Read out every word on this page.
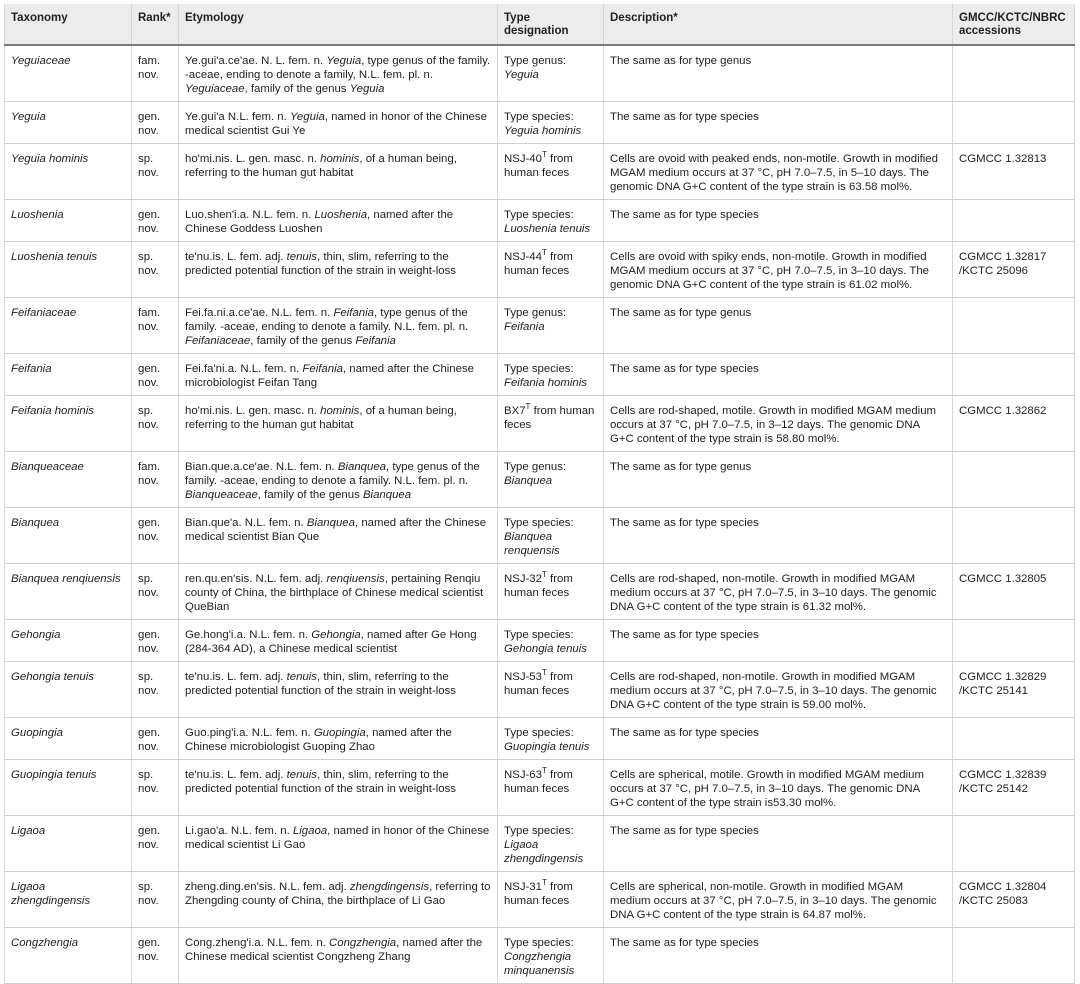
Taxonomy	Rank*	Etymology	Type designation	Description*	GMCC/KCTC/NBRC accessions
Yeguiaceae	fam. nov.	Ye.gui'a.ce'ae. N. L. fem. n. Yeguia, type genus of the family. -aceae, ending to denote a family, N.L. fem. pl. n. Yeguiaceae, family of the genus Yeguia	Type genus: Yeguia	The same as for type genus	
Yeguia	gen. nov.	Ye.gui'a N.L. fem. n. Yeguia, named in honor of the Chinese medical scientist Gui Ye	Type species: Yeguia hominis	The same as for type species	
Yeguia hominis	sp. nov.	ho'mi.nis. L. gen. masc. n. hominis, of a human being, referring to the human gut habitat	NSJ-$40^T$ from human feces	Cells are ovoid with peaked ends, non-motile. Growth in modified MGAM medium occurs at 37 °C, pH 7.0–7.5, in 5–10 days. The genomic DNA G+C content of the type strain is 63.58 mol%.	CGMCC 1.32813
Luoshenia	gen. nov.	Luo.shen'i.a. N.L. fem. n. Luoshenia, named after the Chinese Goddess Luoshen	Type species: Luoshenia tenuis	The same as for type species	
Luoshenia tenuis	sp. nov.	te'nu.is. L. fem. adj. tenuis, thin, slim, referring to the predicted potential function of the strain in weight-loss	NSJ-$44^T$ from human feces	Cells are ovoid with spiky ends, non-motile. Growth in modified MGAM medium occurs at 37 °C, pH 7.0–7.5, in 3–10 days. The genomic DNA G+C content of the type strain is 61.02 mol%.	CGMCC 1.32817 /KCTC 25096
Feifaniaceae	fam. nov.	Fei.fa.ni.a.ce'ae. N.L. fem. n. Feifania, type genus of the family. -aceae, ending to denote a family. N.L. fem. pl. n. Feifaniaceae, family of the genus Feifania	Type genus: Feifania	The same as for type genus	
Feifania	gen. nov.	Fei.fa'ni.a. N.L. fem. n. Feifania, named after the Chinese microbiologist Feifan Tang	Type species: Feifania hominis	The same as for type species	
Feifania hominis	sp. nov.	ho'mi.nis. L. gen. masc. n. hominis, of a human being, referring to the human gut habitat	$BX7^T$ from human feces	Cells are rod-shaped, motile. Growth in modified MGAM medium occurs at 37 °C, pH 7.0–7.5, in 3–12 days. The genomic DNA G+C content of the type strain is 58.80 mol%.	CGMCC 1.32862
Bianqueaceae	fam. nov.	Bian.que.a.ce'ae. N.L. fem. n. Bianquea, type genus of the family. -aceae, ending to denote a family. N.L. fem. pl. n. Bianqueaceae, family of the genus Bianquea	Type genus: Bianquea	The same as for type genus	
Bianquea	gen. nov.	Bian.que'a. N.L. fem. n. Bianquea, named after the Chinese medical scientist Bian Que	Type species: Bianquea renquensis	The same as for type species	
Bianquea renqiuensis	sp. nov.	ren.qu.en'sis. N.L. fem. adj. renqiuensis, pertaining Renqiu county of China, the birthplace of Chinese medical scientist QueBian	NSJ-$32^T$ from human feces	Cells are rod-shaped, non-motile. Growth in modified MGAM medium occurs at 37 °C, pH 7.0–7.5, in 3–10 days. The genomic DNA G+C content of the type strain is 61.32 mol%.	CGMCC 1.32805
Gehongia	gen. nov.	Ge.hong'i.a. N.L. fem. n. Gehongia, named after Ge Hong (284-364 AD), a Chinese medical scientist	Type species: Gehongia tenuis	The same as for type species	
Gehongia tenuis	sp. nov.	te'nu.is. L. fem. adj. tenuis, thin, slim, referring to the predicted potential function of the strain in weight-loss	NSJ-$53^T$ from human feces	Cells are rod-shaped, non-motile. Growth in modified MGAM medium occurs at 37 °C, pH 7.0–7.5, in 3–10 days. The genomic DNA G+C content of the type strain is 59.00 mol%.	CGMCC 1.32829 /KCTC 25141
Guopingia	gen. nov.	Guo.ping'i.a. N.L. fem. n. Guopingia, named after the Chinese microbiologist Guoping Zhao	Type species: Guopingia tenuis	The same as for type species	
Guopingia tenuis	sp. nov.	te'nu.is. L. fem. adj. tenuis, thin, slim, referring to the predicted potential function of the strain in weight-loss	NSJ-$63^T$ from human feces	Cells are spherical, motile. Growth in modified MGAM medium occurs at 37 °C, pH 7.0–7.5, in 3–10 days. The genomic DNA G+C content of the type strain is53.30 mol%.	CGMCC 1.32839 /KCTC 25142
Ligaoa	gen. nov.	Li.gao'a. N.L. fem. n. Ligaoa, named in honor of the Chinese medical scientist Li Gao	Type species: Ligaoa zhengdingensis	The same as for type species	
Ligaoa zhengdingensis	sp. nov.	zheng.ding.en'sis. N.L. fem. adj. zhengdingensis, referring to Zhengding county of China, the birthplace of Li Gao	NSJ-$31^T$ from human feces	Cells are spherical, non-motile. Growth in modified MGAM medium occurs at 37 °C, pH 7.0–7.5, in 3–10 days. The genomic DNA G+C content of the type strain is 64.87 mol%.	CGMCC 1.32804 /KCTC 25083
Congzhengia	gen. nov.	Cong.zheng'i.a. N.L. fem. n. Congzhengia, named after the Chinese medical scientist Congzheng Zhang	Type species: Congzhengia minquanensis	The same as for type species	
